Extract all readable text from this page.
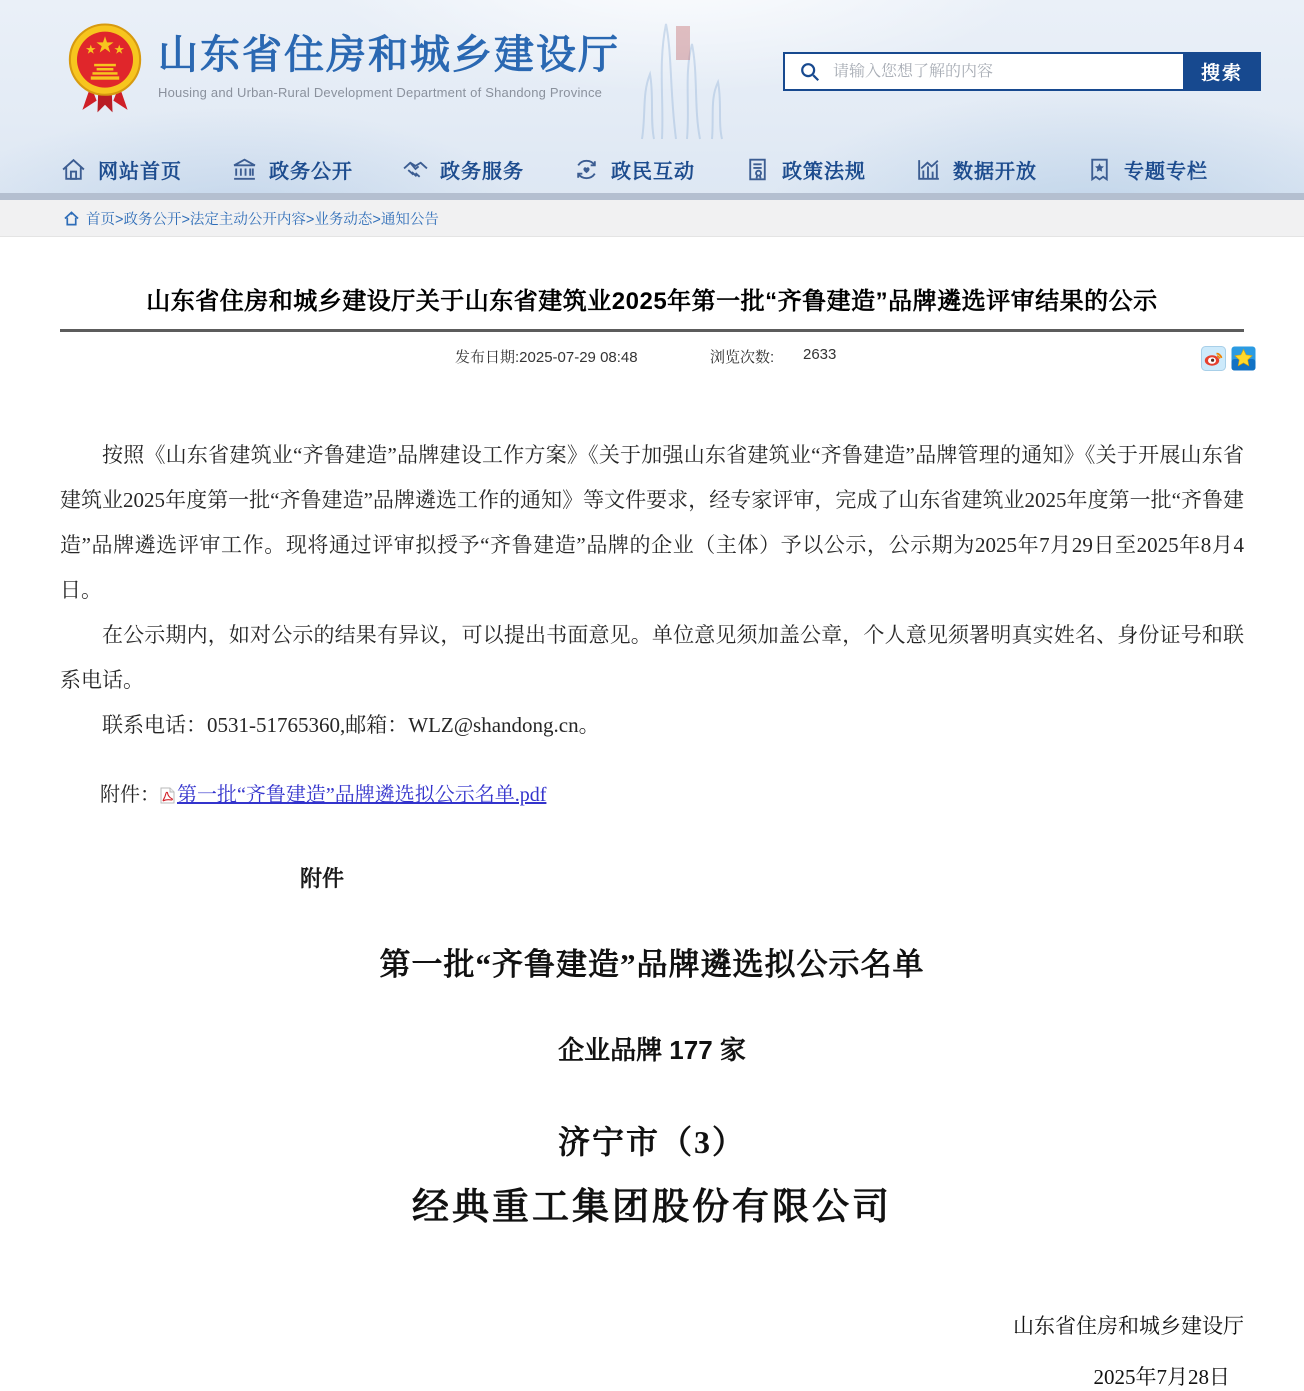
山东省住房和城乡建设厅
Housing and Urban-Rural Development Department of Shandong Province
请输入您想了解的内容
搜索
网站首页	政务公开	政务服务	政民互动	政策法规	数据开放	专题专栏
首页>政务公开>法定主动公开内容>业务动态>通知公告
山东省住房和城乡建设厅关于山东省建筑业2025年第一批“齐鲁建造”品牌遴选评审结果的公示
发布日期:2025-07-29 08:48	浏览次数: 2633

按照《山东省建筑业“齐鲁建造”品牌建设工作方案》《关于加强山东省建筑业“齐鲁建造”品牌管理的通知》《关于开展山东省建筑业2025年度第一批“齐鲁建造”品牌遴选工作的通知》等文件要求，经专家评审，完成了山东省建筑业2025年度第一批“齐鲁建造”品牌遴选评审工作。现将通过评审拟授予“齐鲁建造”品牌的企业（主体）予以公示，公示期为2025年7月29日至2025年8月4日。

在公示期内，如对公示的结果有异议，可以提出书面意见。单位意见须加盖公章，个人意见须署明真实姓名、身份证号和联系电话。

联系电话：0531-51765360,邮箱：WLZ@shandong.cn。

附件： 第一批“齐鲁建造”品牌遴选拟公示名单.pdf
附件
第一批“齐鲁建造”品牌遴选拟公示名单
企业品牌 177 家
济宁市（3）
经典重工集团股份有限公司
山东省住房和城乡建设厅
2025年7月28日
